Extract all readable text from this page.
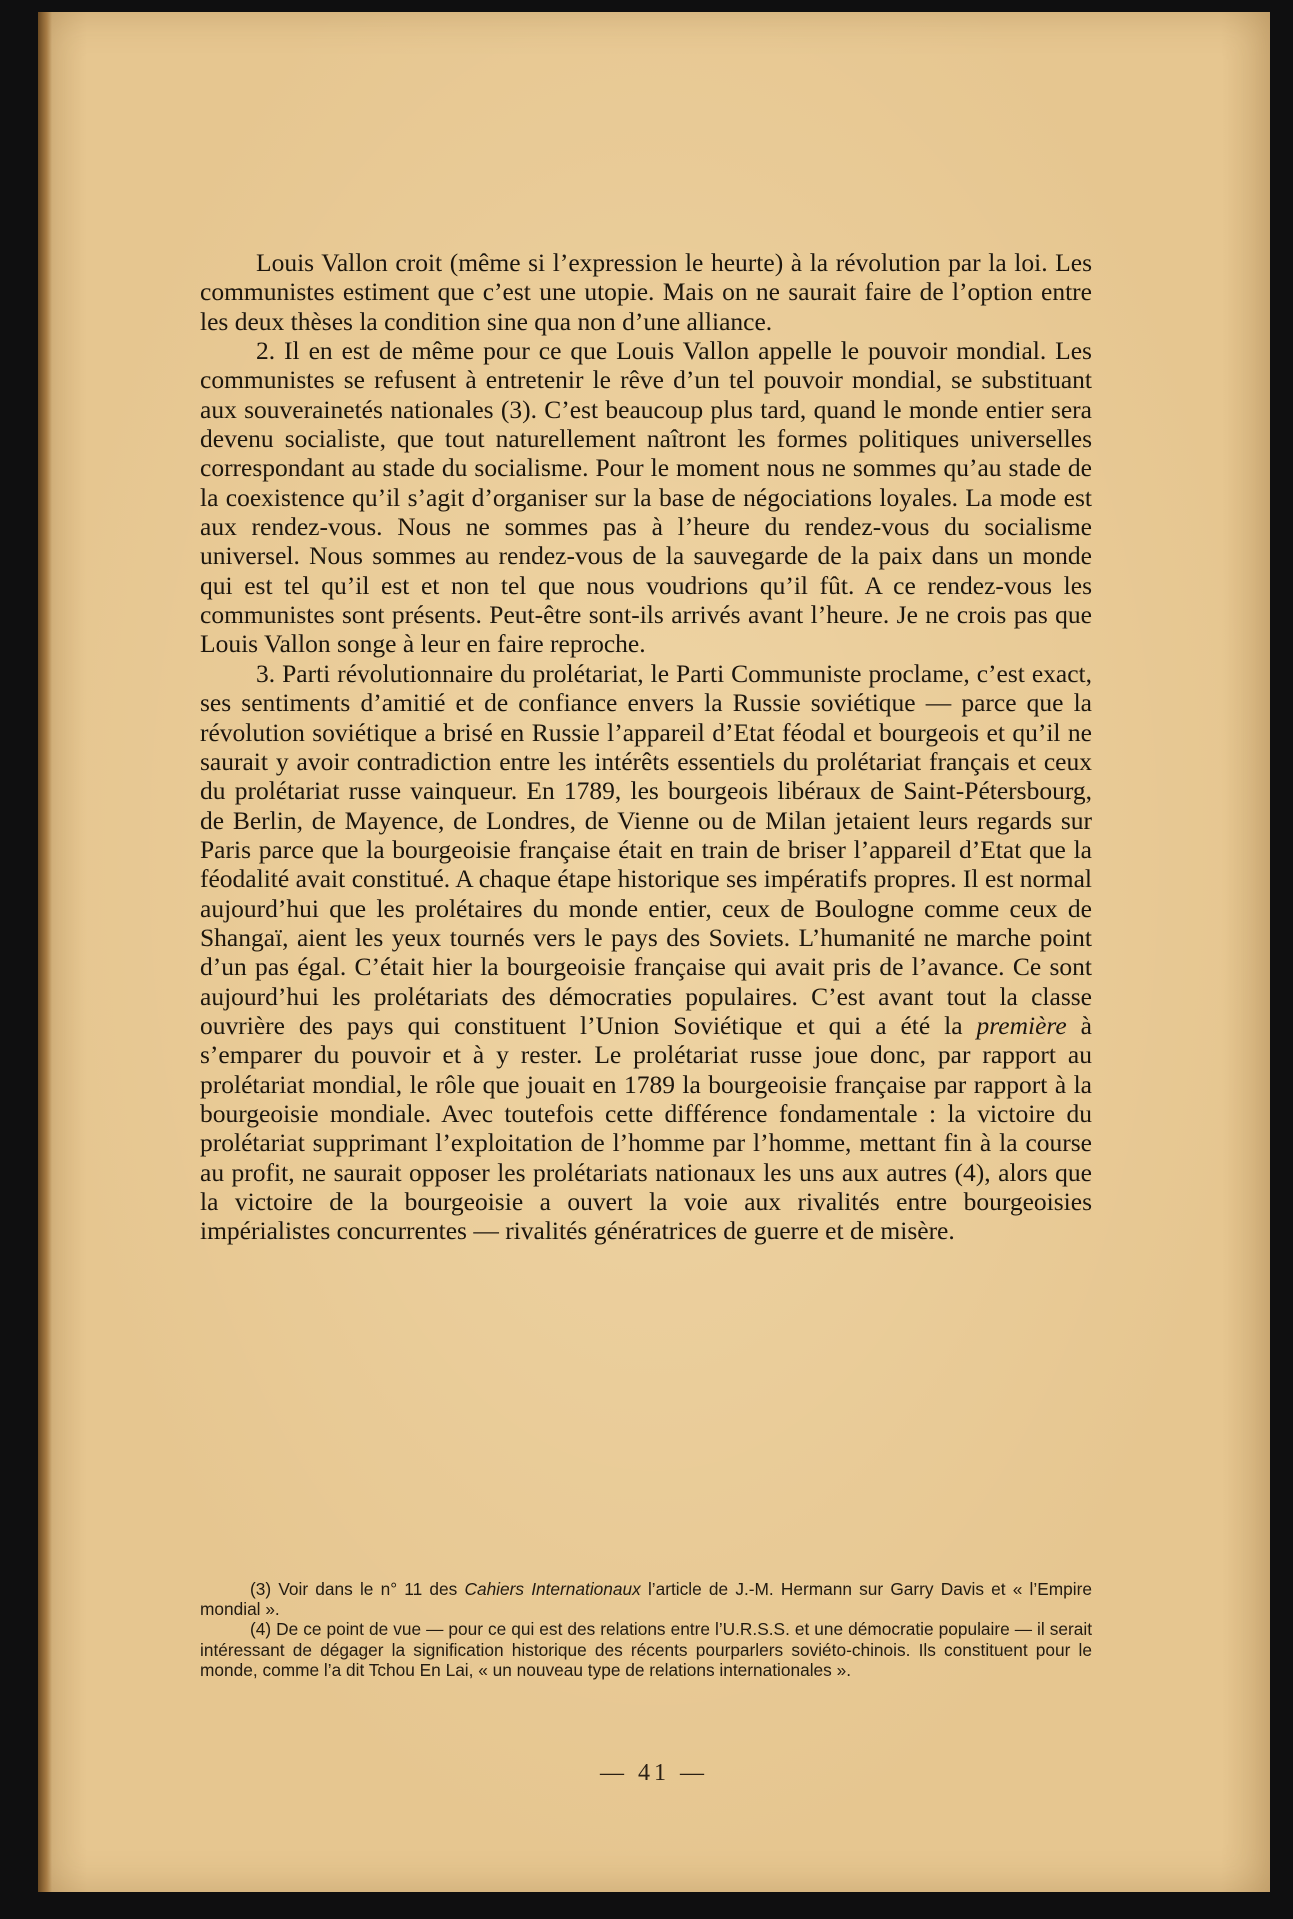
Louis Vallon croit (même si l’expression le heurte) à la révolution par la loi. Les communistes estiment que c’est une utopie. Mais on ne saurait faire de l’option entre les deux thèses la condition sine qua non d’une alliance.

2. Il en est de même pour ce que Louis Vallon appelle le pouvoir mondial. Les communistes se refusent à entretenir le rêve d’un tel pouvoir mondial, se substituant aux souverainetés nationales (3). C’est beaucoup plus tard, quand le monde entier sera devenu socialiste, que tout naturellement naîtront les formes politiques universelles correspondant au stade du socialisme. Pour le moment nous ne sommes qu’au stade de la coexistence qu’il s’agit d’organiser sur la base de négociations loyales. La mode est aux rendez-vous. Nous ne sommes pas à l’heure du rendez-vous du socialisme universel. Nous sommes au rendez-vous de la sauvegarde de la paix dans un monde qui est tel qu’il est et non tel que nous voudrions qu’il fût. A ce rendez-vous les communistes sont présents. Peut-être sont-ils arrivés avant l’heure. Je ne crois pas que Louis Vallon songe à leur en faire reproche.

3. Parti révolutionnaire du prolétariat, le Parti Communiste proclame, c’est exact, ses sentiments d’amitié et de confiance envers la Russie soviétique — parce que la révolution soviétique a brisé en Russie l’appareil d’Etat féodal et bourgeois et qu’il ne saurait y avoir contradiction entre les intérêts essentiels du prolétariat français et ceux du prolétariat russe vainqueur. En 1789, les bourgeois libéraux de Saint-Pétersbourg, de Berlin, de Mayence, de Londres, de Vienne ou de Milan jetaient leurs regards sur Paris parce que la bourgeoisie française était en train de briser l’appareil d’Etat que la féodalité avait constitué. A chaque étape historique ses impératifs propres. Il est normal aujourd’hui que les prolétaires du monde entier, ceux de Boulogne comme ceux de Shangaï, aient les yeux tournés vers le pays des Soviets. L’humanité ne marche point d’un pas égal. C’était hier la bourgeoisie française qui avait pris de l’avance. Ce sont aujourd’hui les prolétariats des démocraties populaires. C’est avant tout la classe ouvrière des pays qui constituent l’Union Soviétique et qui a été la première à s’emparer du pouvoir et à y rester. Le prolétariat russe joue donc, par rapport au prolétariat mondial, le rôle que jouait en 1789 la bourgeoisie française par rapport à la bourgeoisie mondiale. Avec toutefois cette différence fondamentale : la victoire du prolétariat supprimant l’exploitation de l’homme par l’homme, mettant fin à la course au profit, ne saurait opposer les prolétariats nationaux les uns aux autres (4), alors que la victoire de la bourgeoisie a ouvert la voie aux rivalités entre bourgeoisies impérialistes concurrentes — rivalités génératrices de guerre et de misère.

(3) Voir dans le n° 11 des Cahiers Internationaux l’article de J.-M. Hermann sur Garry Davis et « l’Empire mondial ».

(4) De ce point de vue — pour ce qui est des relations entre l’U.R.S.S. et une démocratie populaire — il serait intéressant de dégager la signification historique des récents pourparlers soviéto-chinois. Ils constituent pour le monde, comme l’a dit Tchou En Lai, « un nouveau type de relations internationales ».

— 41 —
